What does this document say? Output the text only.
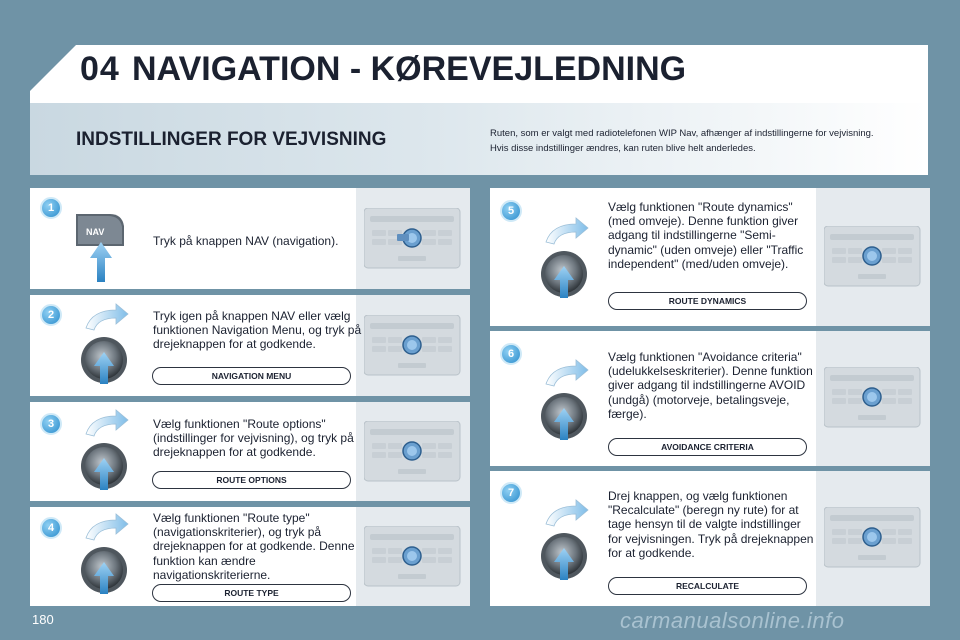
04 NAVIGATION - KØREVEJLEDNING
INDSTILLINGER FOR VEJVISNING	Ruten, som er valgt med radiotelefonen WIP Nav, afhænger af indstillingerne for vejvisning.
Hvis disse indstillinger ændres, kan ruten blive helt anderledes.
1
NAV
Tryk på knappen NAV (navigation).
2	Tryk igen på knappen NAV eller vælg funktionen Navigation Menu, og tryk på drejeknappen for at godkende.
NAVIGATION MENU
3	Vælg funktionen "Route options" (indstillinger for vejvisning), og tryk på drejeknappen for at godkende.
ROUTE OPTIONS
4
Vælg funktionen "Route type" (navigationskriterier), og tryk på drejeknappen for at godkende. Denne funktion kan ændre navigationskriterierne.
ROUTE TYPE
5	Vælg funktionen "Route dynamics" (med omveje). Denne funktion giver adgang til indstillingerne "Semi-dynamic" (uden omveje) eller "Traffic independent" (med/uden omveje).
ROUTE DYNAMICS
6	Vælg funktionen "Avoidance criteria" (udelukkelseskriterier). Denne funktion giver adgang til indstillingerne AVOID (undgå) (motorveje, betalingsveje, færge).
AVOIDANCE CRITERIA
7	Drej knappen, og vælg funktionen "Recalculate" (beregn ny rute) for at tage hensyn til de valgte indstillinger for vejvisningen. Tryk på drejeknappen for at godkende.
RECALCULATE
180	carmanualsonline.info
